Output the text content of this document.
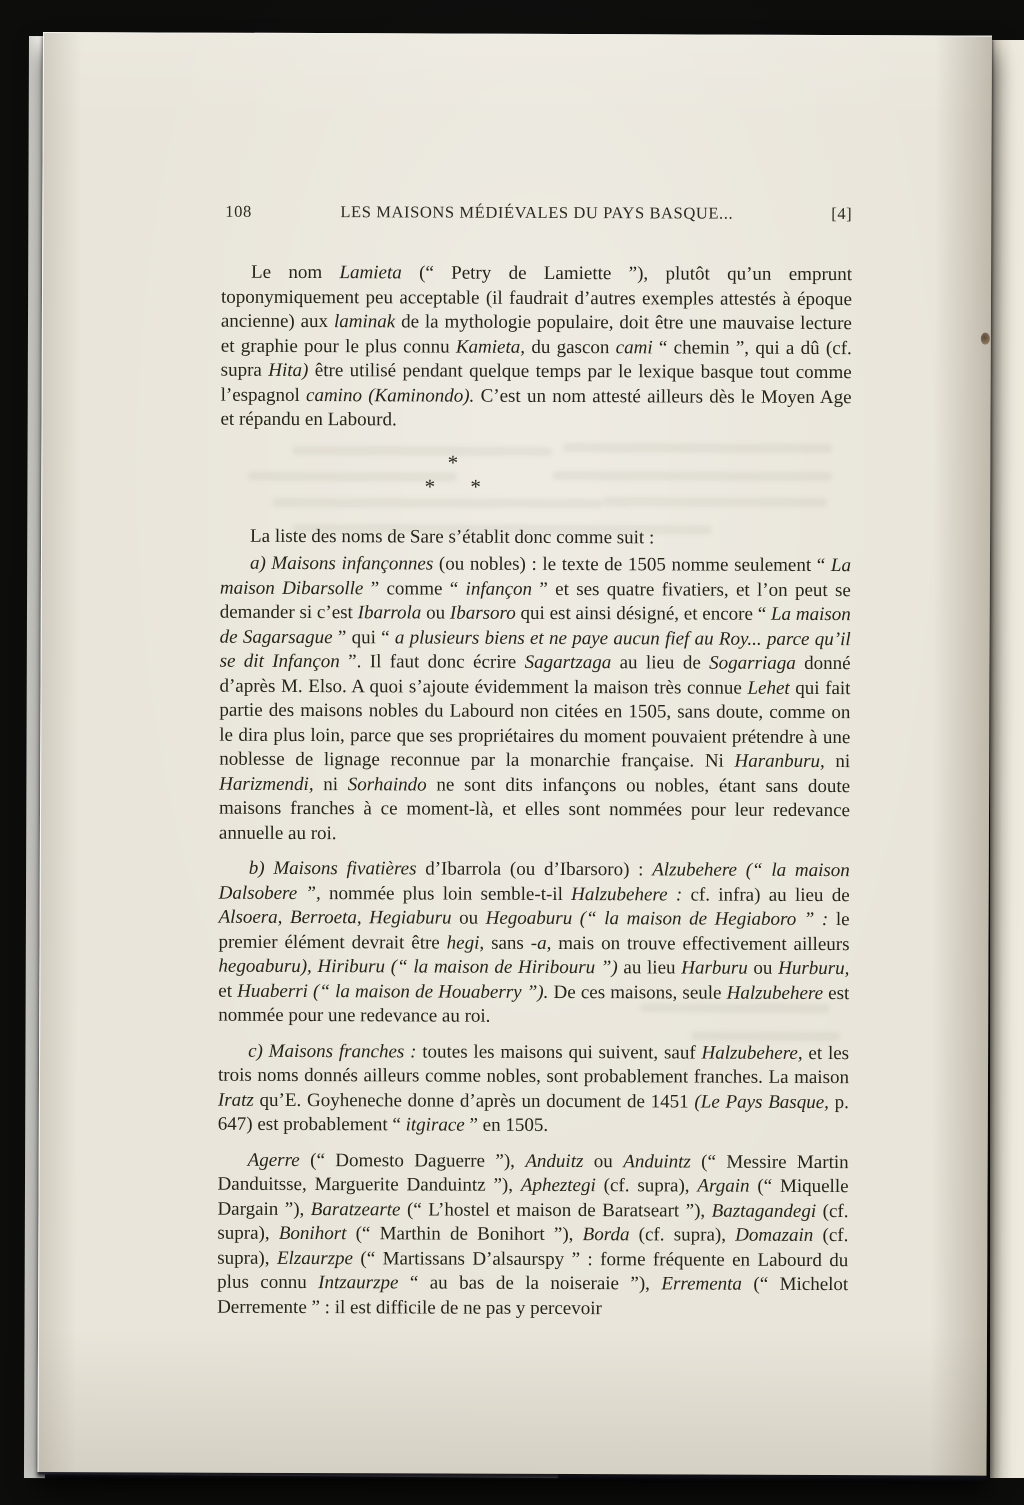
108	LES MAISONS MÉDIÉVALES DU PAYS BASQUE...	[4]

Le nom Lamieta (“ Petry de Lamiette ”), plutôt qu’un emprunt toponymiquement peu acceptable (il faudrait d’autres exemples attestés à époque ancienne) aux laminak de la mythologie populaire, doit être une mauvaise lecture et graphie pour le plus connu Kamieta, du gascon cami “ chemin ”, qui a dû (cf. supra Hita) être utilisé pendant quelque temps par le lexique basque tout comme l’espagnol camino (Kaminondo). C’est un nom attesté ailleurs dès le Moyen Age et répandu en Labourd.

*
* *

La liste des noms de Sare s’établit donc comme suit :

a) Maisons infançonnes (ou nobles) : le texte de 1505 nomme seulement “ La maison Dibarsolle ” comme “ infançon ” et ses quatre fivatiers, et l’on peut se demander si c’est Ibarrola ou Ibarsoro qui est ainsi désigné, et encore “ La maison de Sagarsague ” qui “ a plusieurs biens et ne paye aucun fief au Roy... parce qu’il se dit Infançon ”. Il faut donc écrire Sagartzaga au lieu de Sogarriaga donné d’après M. Elso. A quoi s’ajoute évidemment la maison très connue Lehet qui fait partie des maisons nobles du Labourd non citées en 1505, sans doute, comme on le dira plus loin, parce que ses propriétaires du moment pouvaient prétendre à une noblesse de lignage reconnue par la monarchie française. Ni Haranburu, ni Harizmendi, ni Sorhaindo ne sont dits infançons ou nobles, étant sans doute maisons franches à ce moment-là, et elles sont nommées pour leur redevance annuelle au roi.

b) Maisons fivatières d’Ibarrola (ou d’Ibarsoro) : Alzubehere (“ la maison Dalsobere ”, nommée plus loin semble-t-il Halzubehere : cf. infra) au lieu de Alsoera, Berroeta, Hegiaburu ou Hegoaburu (“ la maison de Hegiaboro ” : le premier élément devrait être hegi, sans -a, mais on trouve effectivement ailleurs hegoaburu), Hiriburu (“ la maison de Hiribouru ”) au lieu Harburu ou Hurburu, et Huaberri (“ la maison de Houaberry ”). De ces maisons, seule Halzubehere est nommée pour une redevance au roi.

c) Maisons franches : toutes les maisons qui suivent, sauf Halzubehere, et les trois noms donnés ailleurs comme nobles, sont probablement franches. La maison Iratz qu’E. Goyheneche donne d’après un document de 1451 (Le Pays Basque, p. 647) est probablement “ itgirace ” en 1505.

Agerre (“ Domesto Daguerre ”), Anduitz ou Anduintz (“ Messire Martin Danduitsse, Marguerite Danduintz ”), Apheztegi (cf. supra), Argain (“ Miquelle Dargain ”), Baratzearte (“ L’hostel et maison de Baratseart ”), Baztagandegi (cf. supra), Bonihort (“ Marthin de Bonihort ”), Borda (cf. supra), Domazain (cf. supra), Elzaurzpe (“ Martissans D’alsaurspy ” : forme fréquente en Labourd du plus connu Intzaurzpe “ au bas de la noiseraie ”), Errementa (“ Michelot Derremente ” : il est difficile de ne pas y percevoir
